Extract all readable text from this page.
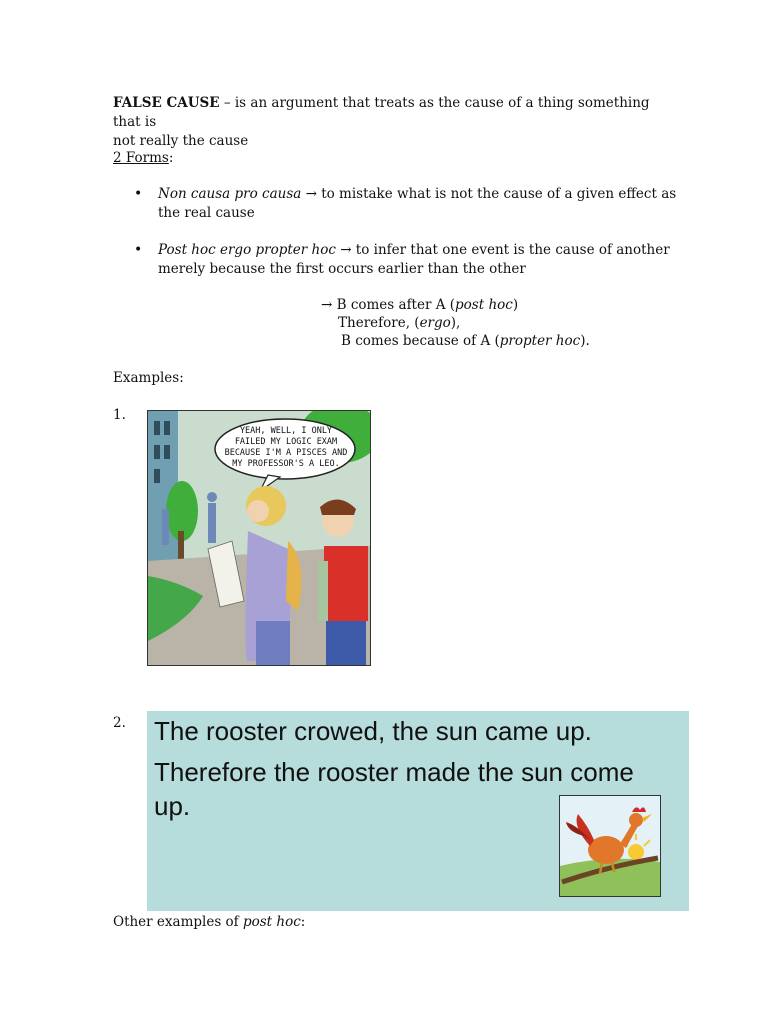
FALSE CAUSE – is an argument that treats as the cause of a thing something that is
not really the cause
2 Forms:
• Non causa pro causa → to mistake what is not the cause of a given effect as
the real cause
• Post hoc ergo propter hoc → to infer that one event is the cause of another
merely because the first occurs earlier than the other
→ B comes after A (post hoc)
Therefore, (ergo),
B comes because of A (propter hoc).
Examples:
1.
YEAH, WELL, I ONLY
FAILED MY LOGIC EXAM
BECAUSE I'M A PISCES AND
MY PROFESSOR'S A LEO.
2. The rooster crowed, the sun came up.
Therefore the rooster made the sun come up.
Other examples of post hoc:
